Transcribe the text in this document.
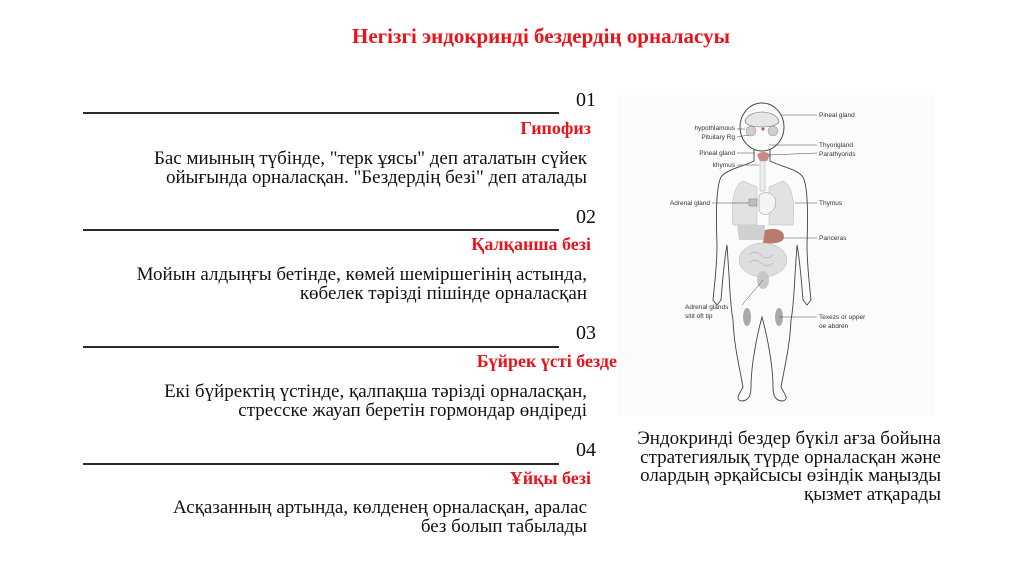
Негізгі эндокринді бездердің орналасуы
01
Гипофиз
Бас миының түбінде, "терк ұясы" деп аталатын сүйек ойығында орналасқан. "Бездердің безі" деп аталады
02
Қалқанша безі
Мойын алдыңғы бетінде, көмей шеміршегінің астында, көбелек тәрізді пішінде орналасқан
03
Бүйрек үсті безде
Екі бүйректің үстінде, қалпақша тәрізді орналасқан, стресске жауап беретін гормондар өндіреді
04
Ұйқы безі
Асқазанның артында, көлденең орналасқан, аралас без болып табылады
Pineal gland
hypothlamous
Pituitary Rg
Pineal gland
khymus
Thyorigland
Parathyorids
Adrenal gland	Thymus
Panceras
Adrenal glands
sitit oft tip	Texezs or upper
oe abdren
Эндокринді бездер бүкіл ағза бойына стратегиялық түрде орналасқан және олардың әрқайсысы өзіндік маңызды қызмет атқарады
